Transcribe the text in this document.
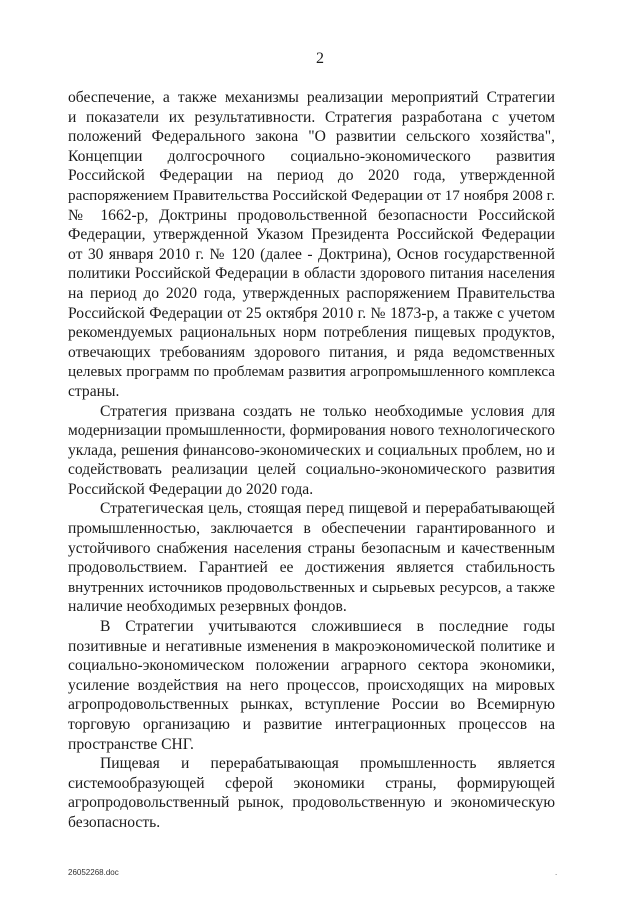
2

обеспечение, а также механизмы реализации мероприятий Стратегии
и показатели их результативности. Стратегия разработана с учетом
положений Федерального закона "О развитии сельского хозяйства",
Концепции долгосрочного социально-экономического развития
Российской Федерации на период до 2020 года, утвержденной
распоряжением Правительства Российской Федерации от 17 ноября 2008 г.
№ 1662-р, Доктрины продовольственной безопасности Российской
Федерации, утвержденной Указом Президента Российской Федерации
от 30 января 2010 г. № 120 (далее - Доктрина), Основ государственной
политики Российской Федерации в области здорового питания населения
на период до 2020 года, утвержденных распоряжением Правительства
Российской Федерации от 25 октября 2010 г. № 1873-р, а также с учетом
рекомендуемых рациональных норм потребления пищевых продуктов,
отвечающих требованиям здорового питания, и ряда ведомственных
целевых программ по проблемам развития агропромышленного комплекса
страны.

Стратегия призвана создать не только необходимые условия для
модернизации промышленности, формирования нового технологического
уклада, решения финансово-экономических и социальных проблем, но и
содействовать реализации целей социально-экономического развития
Российской Федерации до 2020 года.

Стратегическая цель, стоящая перед пищевой и перерабатывающей
промышленностью, заключается в обеспечении гарантированного и
устойчивого снабжения населения страны безопасным и качественным
продовольствием. Гарантией ее достижения является стабильность
внутренних источников продовольственных и сырьевых ресурсов, а также
наличие необходимых резервных фондов.

В Стратегии учитываются сложившиеся в последние годы
позитивные и негативные изменения в макроэкономической политике и
социально-экономическом положении аграрного сектора экономики,
усиление воздействия на него процессов, происходящих на мировых
агропродовольственных рынках, вступление России во Всемирную
торговую организацию и развитие интеграционных процессов на
пространстве СНГ.

Пищевая и перерабатывающая промышленность является
системообразующей сферой экономики страны, формирующей
агропродовольственный рынок, продовольственную и экономическую
безопасность.

26052268.doc	.
